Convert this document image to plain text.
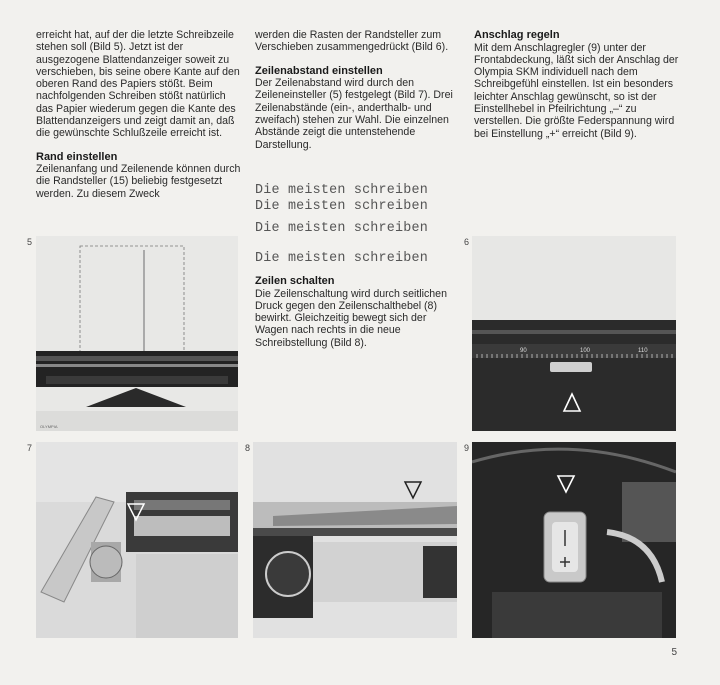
erreicht hat, auf der die letzte Schreibzeile stehen soll (Bild 5). Jetzt ist der ausgezogene Blattendanzeiger soweit zu verschieben, bis seine obere Kante auf den oberen Rand des Papiers stößt. Beim nachfolgenden Schreiben stößt natürlich das Papier wiederum gegen die Kante des Blattendanzeigers und zeigt damit an, daß die gewünschte Schlußzeile erreicht ist.

Rand einstellen

Zeilenanfang und Zeilenende können durch die Randsteller (15) beliebig festgesetzt werden. Zu diesem Zweck

werden die Rasten der Randsteller zum Verschieben zusammengedrückt (Bild 6).

Zeilenabstand einstellen

Der Zeilenabstand wird durch den Zeileneinsteller (5) festgelegt (Bild 7). Drei Zeilenabstände (ein-, anderthalb- und zweifach) stehen zur Wahl. Die einzelnen Abstände zeigt die untenstehende Darstellung.

Die meisten schreiben
Die meisten schreiben
Die meisten schreiben
Die meisten schreiben
Zeilen schalten

Die Zeilenschaltung wird durch seitlichen Druck gegen den Zeilenschalthebel (8) bewirkt. Gleichzeitig bewegt sich der Wagen nach rechts in die neue Schreibstellung (Bild 8).

Anschlag regeln

Mit dem Anschlagregler (9) unter der Frontabdeckung, läßt sich der Anschlag der Olympia SKM individuell nach dem Schreibgefühl einstellen. Ist ein besonders leichter Anschlag gewünscht, so ist der Einstellhebel in Pfeilrichtung „–“ zu verstellen. Die größte Federspannung wird bei Einstellung „+“ erreicht (Bild 9).

5
OLYMPIA
6
90	100	110
7	8	9
5
